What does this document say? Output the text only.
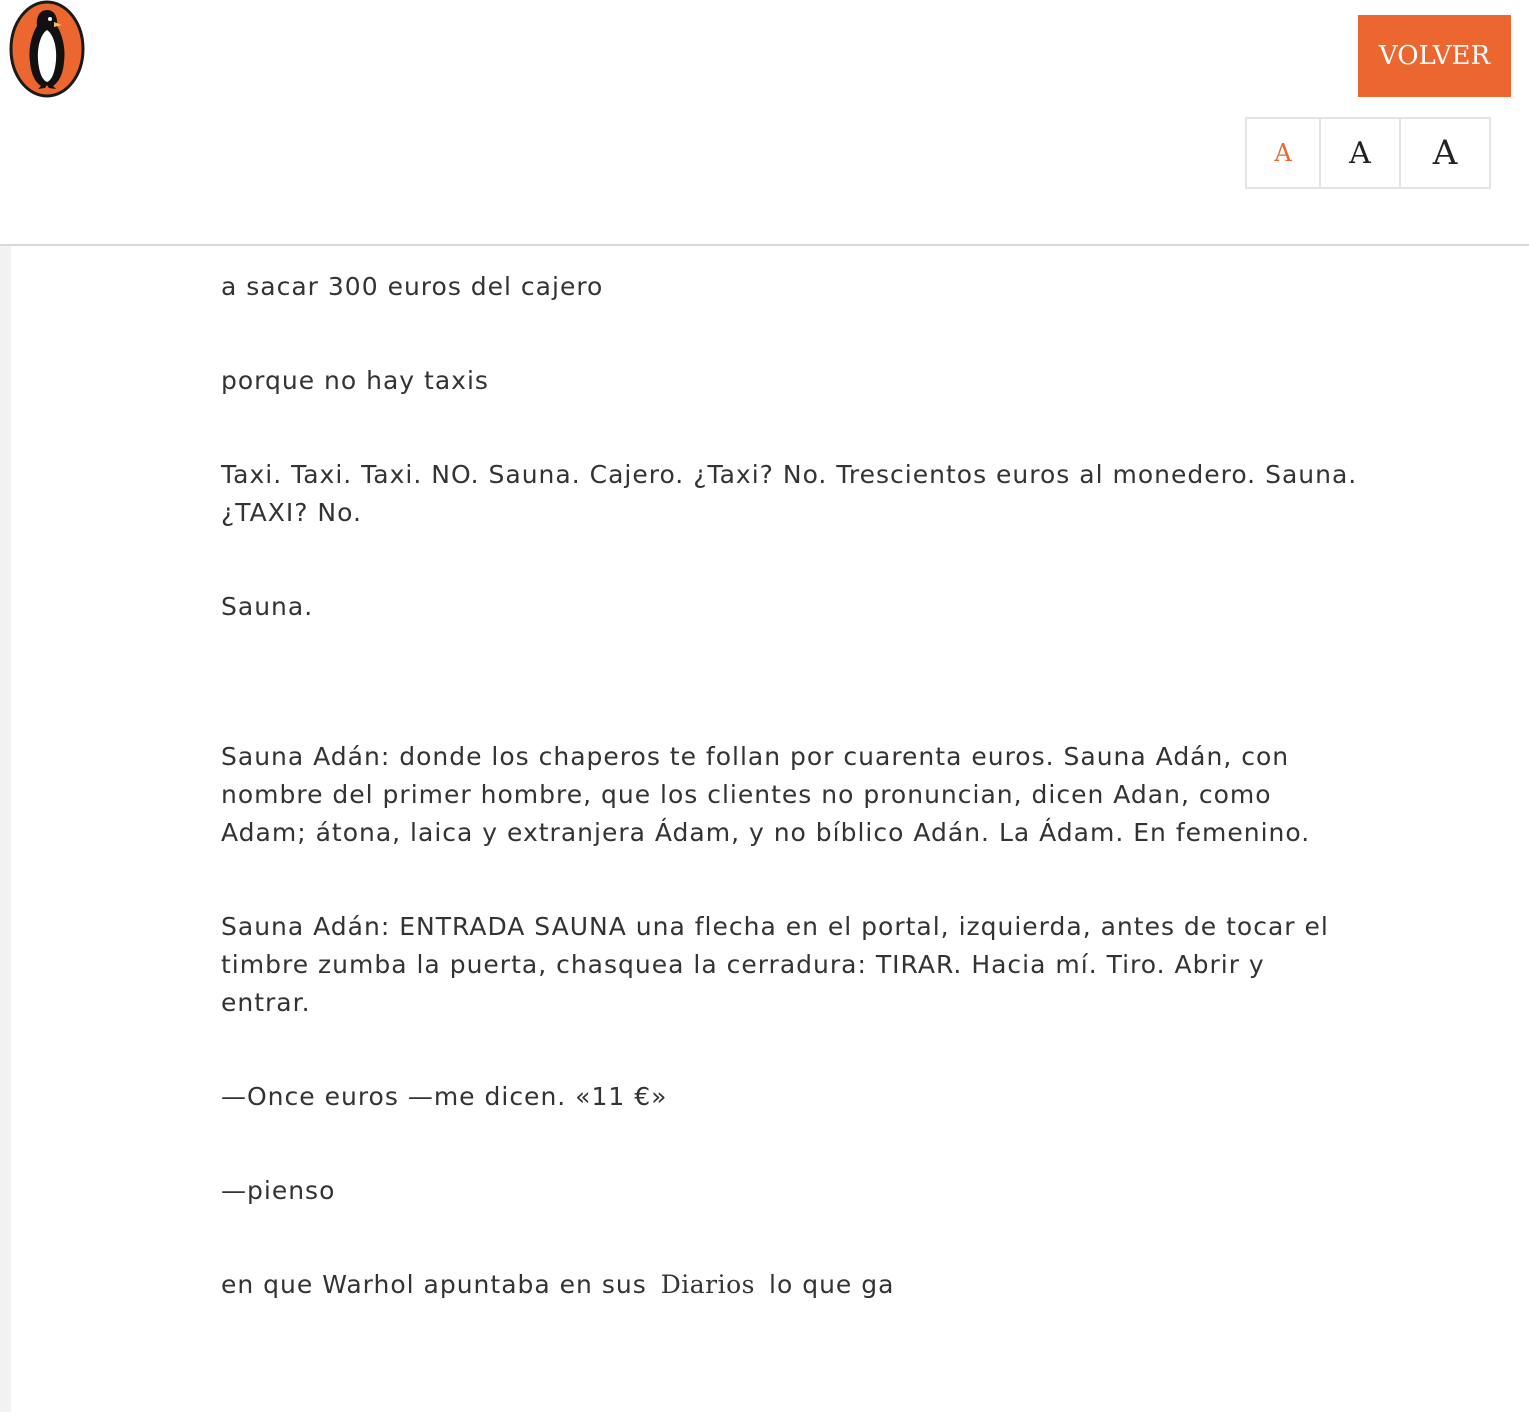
VOLVER
A	A	A

a sacar 300 euros del cajero

porque no hay taxis

Taxi. Taxi. Taxi. NO. Sauna. Cajero. ¿Taxi? No. Trescientos euros al monedero. Sauna. ¿TAXI? No.

Sauna.

Sauna Adán: donde los chaperos te follan por cuarenta euros. Sauna Adán, con nombre del primer hombre, que los clientes no pronuncian, dicen Adan, como Adam; átona, laica y extranjera Ádam, y no bíblico Adán. La Ádam. En femenino.

Sauna Adán: ENTRADA SAUNA una flecha en el portal, izquierda, antes de tocar el timbre zumba la puerta, chasquea la cerradura: TIRAR. Hacia mí. Tiro. Abrir y entrar.

—Once euros —me dicen. «11 €»

—pienso

en que Warhol apuntaba en sus Diarios lo que ga
